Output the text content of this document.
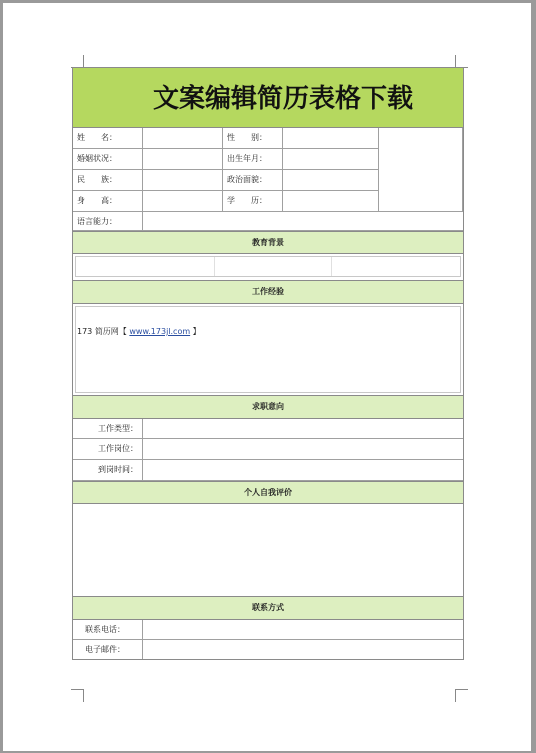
文案编辑简历表格下载
姓　　名：	性　　别：
婚姻状况：	出生年月：
民　　族：	政治面貌：
身　　高：	学　　历：
语言能力：
教育背景
工作经验
173 简历网【 www.173jl.com 】
求职意向
工作类型：
工作岗位：
到岗时间：
个人自我评价
联系方式
联系电话：
电子邮件：
